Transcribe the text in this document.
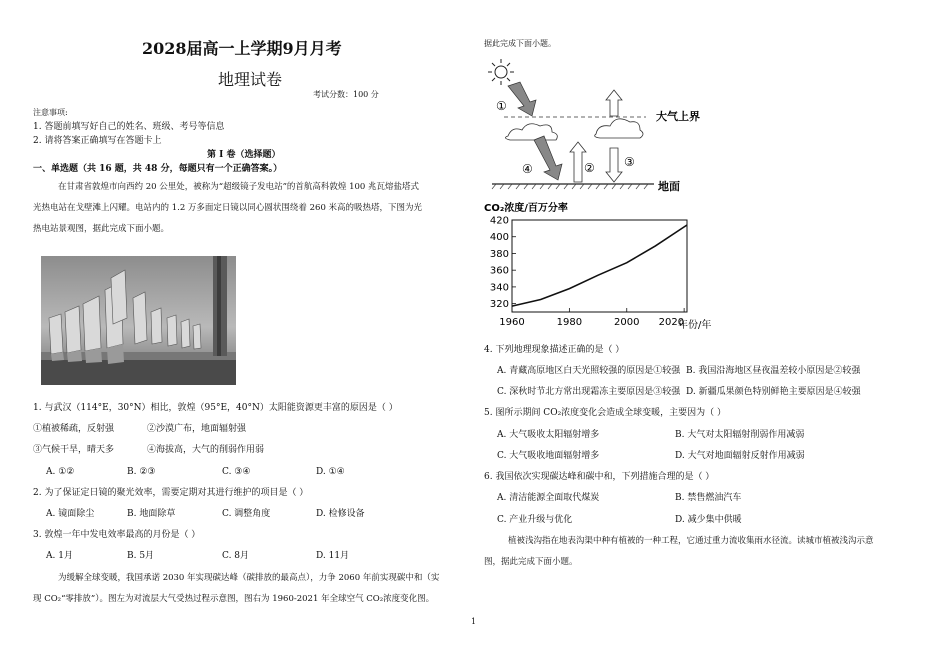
2028届高一上学期9月月考
地理试卷
考试分数：100 分
注意事项:
1. 答题前填写好自己的姓名、班级、考号等信息
2. 请将答案正确填写在答题卡上
第 I 卷（选择题）
一、单选题（共 16 题，共 48 分，每题只有一个正确答案。）
在甘肃省敦煌市向西约 20 公里处，被称为“超级镜子发电站”的首航高科敦煌 100 兆瓦熔盐塔式
光热电站在戈壁滩上闪耀。电站内的 1.2 万多面定日镜以同心圆状围绕着 260 米高的吸热塔，下图为光
热电站景观图，据此完成下面小题。
1. 与武汉（114°E，30°N）相比，敦煌（95°E，40°N）太阳能资源更丰富的原因是（ ）
①植被稀疏，反射强	②沙漠广布，地面辐射强
③气候干旱，晴天多	④海拔高，大气的削弱作用弱
A. ①②	B. ②③	C. ③④	D. ①④
2. 为了保证定日镜的聚光效率，需要定期对其进行维护的项目是（ ）
A. 镜面除尘	B. 地面除草	C. 调整角度	D. 检修设备
3. 敦煌一年中发电效率最高的月份是（ ）
A. 1月	B. 5月	C. 8月	D. 11月
为缓解全球变暖，我国承诺 2030 年实现碳达峰（碳排放的最高点），力争 2060 年前实现碳中和（实
现 CO₂“零排放”）。图左为对流层大气受热过程示意图，图右为 1960-2021 年全球空气 CO₂浓度变化图。
据此完成下面小题。
①
④	② ③
大气上界
地面
CO₂浓度/百万分率
420
400
380
360
340
320
1960	1980	2000 2020
年份/年
4. 下列地理现象描述正确的是（ ）
A. 青藏高原地区白天光照较强的原因是①较强 B. 我国沿海地区昼夜温差较小原因是②较强
C. 深秋时节北方常出现霜冻主要原因是③较强 D. 新疆瓜果颜色特别鲜艳主要原因是④较强
5. 图所示期间 CO₂浓度变化会造成全球变暖，主要因为（ ）
A. 大气吸收太阳辐射增多	B. 大气对太阳辐射削弱作用减弱
C. 大气吸收地面辐射增多	D. 大气对地面辐射反射作用减弱
6. 我国依次实现碳达峰和碳中和，下列措施合理的是（ ）
A. 清洁能源全面取代煤炭	B. 禁售燃油汽车
C. 产业升级与优化	D. 减少集中供暖
植被浅沟指在地表沟渠中种有植被的一种工程，它通过重力流收集雨水径流。读城市植被浅沟示意
图，据此完成下面小题。
1
